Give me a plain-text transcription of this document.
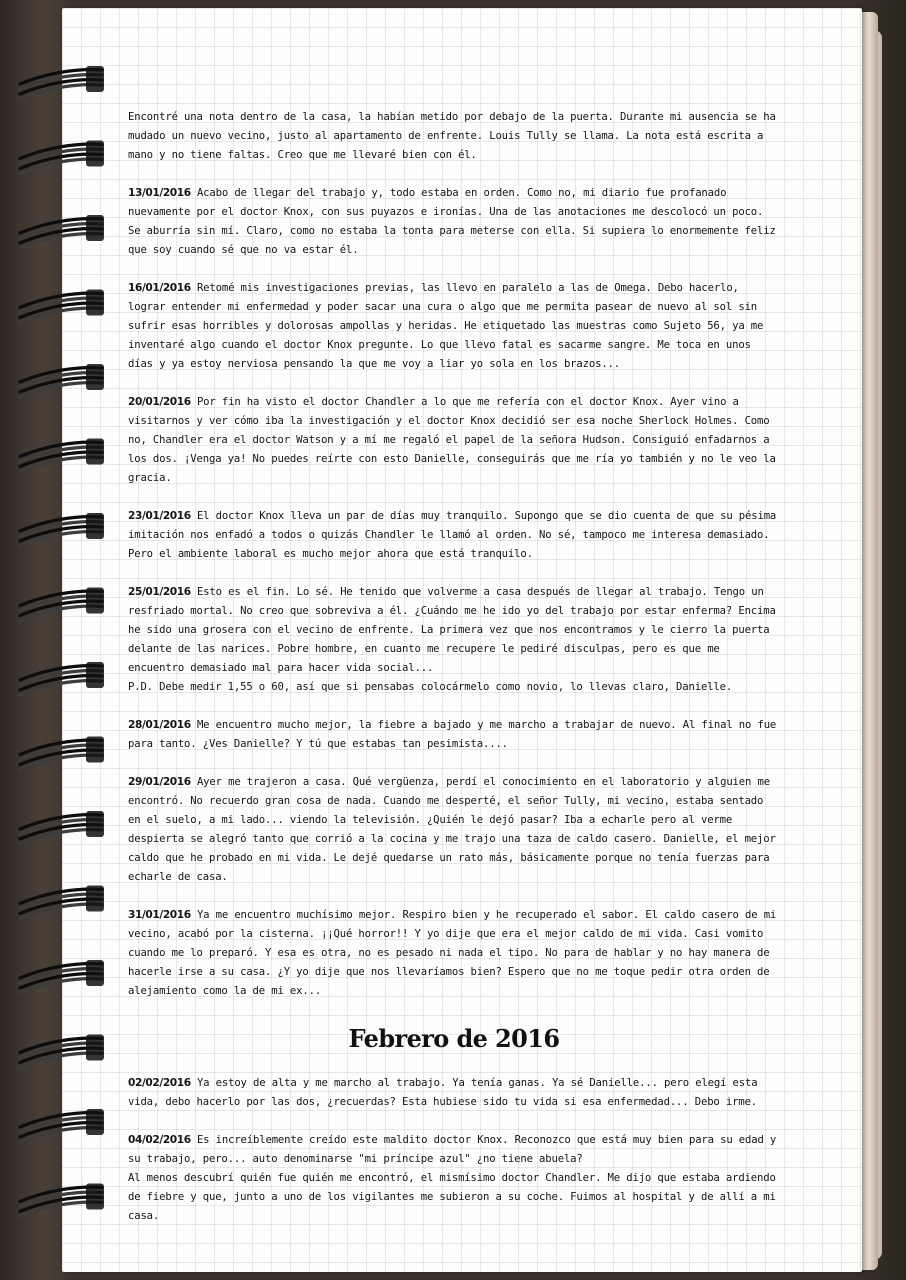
Encontré una nota dentro de la casa, la habían metido por debajo de la puerta. Durante mi ausencia se ha mudado un nuevo vecino, justo al apartamento de enfrente. Louis Tully se llama. La nota está escrita a mano y no tiene faltas. Creo que me llevaré bien con él.
13/01/2016 Acabo de llegar del trabajo y, todo estaba en orden. Como no, mi diario fue profanado nuevamente por el doctor Knox, con sus puyazos e ironías. Una de las anotaciones me descolocó un poco. Se aburría sin mí. Claro, como no estaba la tonta para meterse con ella. Si supiera lo enormemente feliz que soy cuando sé que no va estar él.
16/01/2016 Retomé mis investigaciones previas, las llevo en paralelo a las de Omega. Debo hacerlo, lograr entender mi enfermedad y poder sacar una cura o algo que me permita pasear de nuevo al sol sin sufrir esas horribles y dolorosas ampollas y heridas. He etiquetado las muestras como Sujeto 56, ya me inventaré algo cuando el doctor Knox pregunte. Lo que llevo fatal es sacarme sangre. Me toca en unos días y ya estoy nerviosa pensando la que me voy a liar yo sola en los brazos...
20/01/2016 Por fin ha visto el doctor Chandler a lo que me refería con el doctor Knox. Ayer vino a visitarnos y ver cómo iba la investigación y el doctor Knox decidió ser esa noche Sherlock Holmes. Como no, Chandler era el doctor Watson y a mí me regaló el papel de la señora Hudson. Consiguió enfadarnos a los dos. ¡Venga ya! No puedes reírte con esto Danielle, conseguirás que me ría yo también y no le veo la gracia.
23/01/2016 El doctor Knox lleva un par de días muy tranquilo. Supongo que se dio cuenta de que su pésima imitación nos enfadó a todos o quizás Chandler le llamó al orden. No sé, tampoco me interesa demasiado. Pero el ambiente laboral es mucho mejor ahora que está tranquilo.
25/01/2016 Esto es el fin. Lo sé. He tenido que volverme a casa después de llegar al trabajo. Tengo un resfriado mortal. No creo que sobreviva a él. ¿Cuándo me he ido yo del trabajo por estar enferma? Encima he sido una grosera con el vecino de enfrente. La primera vez que nos encontramos y le cierro la puerta delante de las narices. Pobre hombre, en cuanto me recupere le pediré disculpas, pero es que me encuentro demasiado mal para hacer vida social...
P.D. Debe medir 1,55 o 60, así que si pensabas colocármelo como novio, lo llevas claro, Danielle.
28/01/2016 Me encuentro mucho mejor, la fiebre a bajado y me marcho a trabajar de nuevo. Al final no fue para tanto. ¿Ves Danielle? Y tú que estabas tan pesimista....
29/01/2016 Ayer me trajeron a casa. Qué vergüenza, perdí el conocimiento en el laboratorio y alguien me encontró. No recuerdo gran cosa de nada. Cuando me desperté, el señor Tully, mi vecino, estaba sentado en el suelo, a mi lado... viendo la televisión. ¿Quién le dejó pasar? Iba a echarle pero al verme despierta se alegró tanto que corrió a la cocina y me trajo una taza de caldo casero. Danielle, el mejor caldo que he probado en mi vida. Le dejé quedarse un rato más, básicamente porque no tenía fuerzas para echarle de casa.
31/01/2016 Ya me encuentro muchísimo mejor. Respiro bien y he recuperado el sabor. El caldo casero de mi vecino, acabó por la cisterna. ¡¡Qué horror!! Y yo dije que era el mejor caldo de mi vida. Casi vomito cuando me lo preparó. Y esa es otra, no es pesado ni nada el tipo. No para de hablar y no hay manera de hacerle irse a su casa. ¿Y yo dije que nos llevaríamos bien? Espero que no me toque pedir otra orden de alejamiento como la de mi ex...
Febrero de 2016
02/02/2016 Ya estoy de alta y me marcho al trabajo. Ya tenía ganas. Ya sé Danielle... pero elegí esta vida, debo hacerlo por las dos, ¿recuerdas? Esta hubiese sido tu vida si esa enfermedad... Debo irme.
04/02/2016 Es increíblemente creído este maldito doctor Knox. Reconozco que está muy bien para su edad y su trabajo, pero... auto denominarse "mi príncipe azul" ¿no tiene abuela?
Al menos descubrí quién fue quién me encontró, el mismísimo doctor Chandler. Me dijo que estaba ardiendo de fiebre y que, junto a uno de los vigilantes me subieron a su coche. Fuimos al hospital y de allí a mi casa.
